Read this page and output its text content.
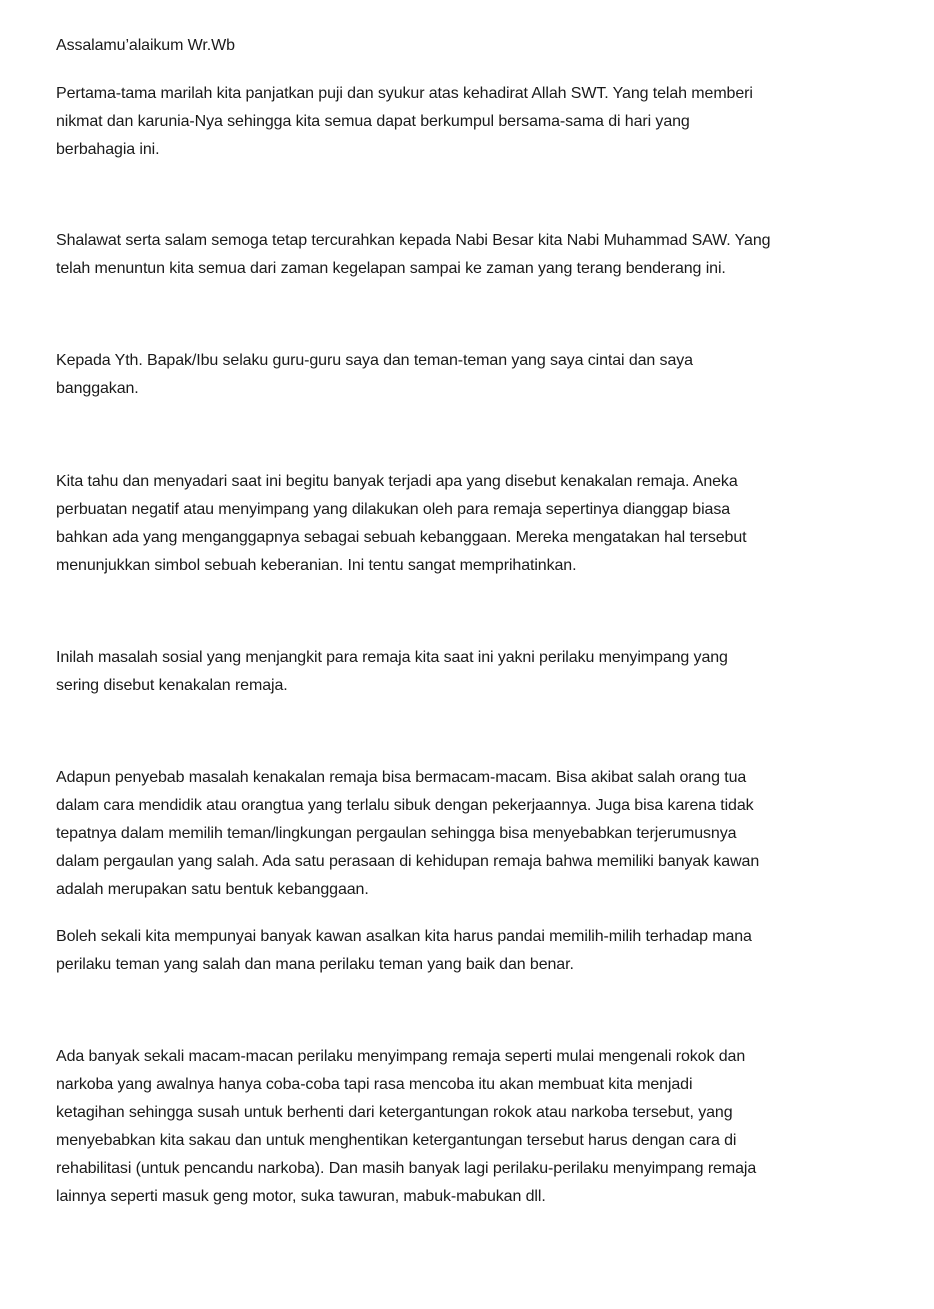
Assalamu’alaikum Wr.Wb

Pertama-tama marilah kita panjatkan puji dan syukur atas kehadirat Allah SWT. Yang telah memberi
nikmat dan karunia-Nya sehingga kita semua dapat berkumpul bersama-sama di hari yang
berbahagia ini.

Shalawat serta salam semoga tetap tercurahkan kepada Nabi Besar kita Nabi Muhammad SAW. Yang
telah menuntun kita semua dari zaman kegelapan sampai ke zaman yang terang benderang ini.

Kepada Yth. Bapak/Ibu selaku guru-guru saya dan teman-teman yang saya cintai dan saya
banggakan.

Kita tahu dan menyadari saat ini begitu banyak terjadi apa yang disebut kenakalan remaja. Aneka
perbuatan negatif atau menyimpang yang dilakukan oleh para remaja sepertinya dianggap biasa
bahkan ada yang menganggapnya sebagai sebuah kebanggaan. Mereka mengatakan hal tersebut
menunjukkan simbol sebuah keberanian. Ini tentu sangat memprihatinkan.

Inilah masalah sosial yang menjangkit para remaja kita saat ini yakni perilaku menyimpang yang
sering disebut kenakalan remaja.

Adapun penyebab masalah kenakalan remaja bisa bermacam-macam. Bisa akibat salah orang tua
dalam cara mendidik atau orangtua yang terlalu sibuk dengan pekerjaannya. Juga bisa karena tidak
tepatnya dalam memilih teman/lingkungan pergaulan sehingga bisa menyebabkan terjerumusnya
dalam pergaulan yang salah. Ada satu perasaan di kehidupan remaja bahwa memiliki banyak kawan
adalah merupakan satu bentuk kebanggaan.

Boleh sekali kita mempunyai banyak kawan asalkan kita harus pandai memilih-milih terhadap mana
perilaku teman yang salah dan mana perilaku teman yang baik dan benar.

Ada banyak sekali macam-macan perilaku menyimpang remaja seperti mulai mengenali rokok dan
narkoba yang awalnya hanya coba-coba tapi rasa mencoba itu akan membuat kita menjadi
ketagihan sehingga susah untuk berhenti dari ketergantungan rokok atau narkoba tersebut, yang
menyebabkan kita sakau dan untuk menghentikan ketergantungan tersebut harus dengan cara di
rehabilitasi (untuk pencandu narkoba). Dan masih banyak lagi perilaku-perilaku menyimpang remaja
lainnya seperti masuk geng motor, suka tawuran, mabuk-mabukan dll.
